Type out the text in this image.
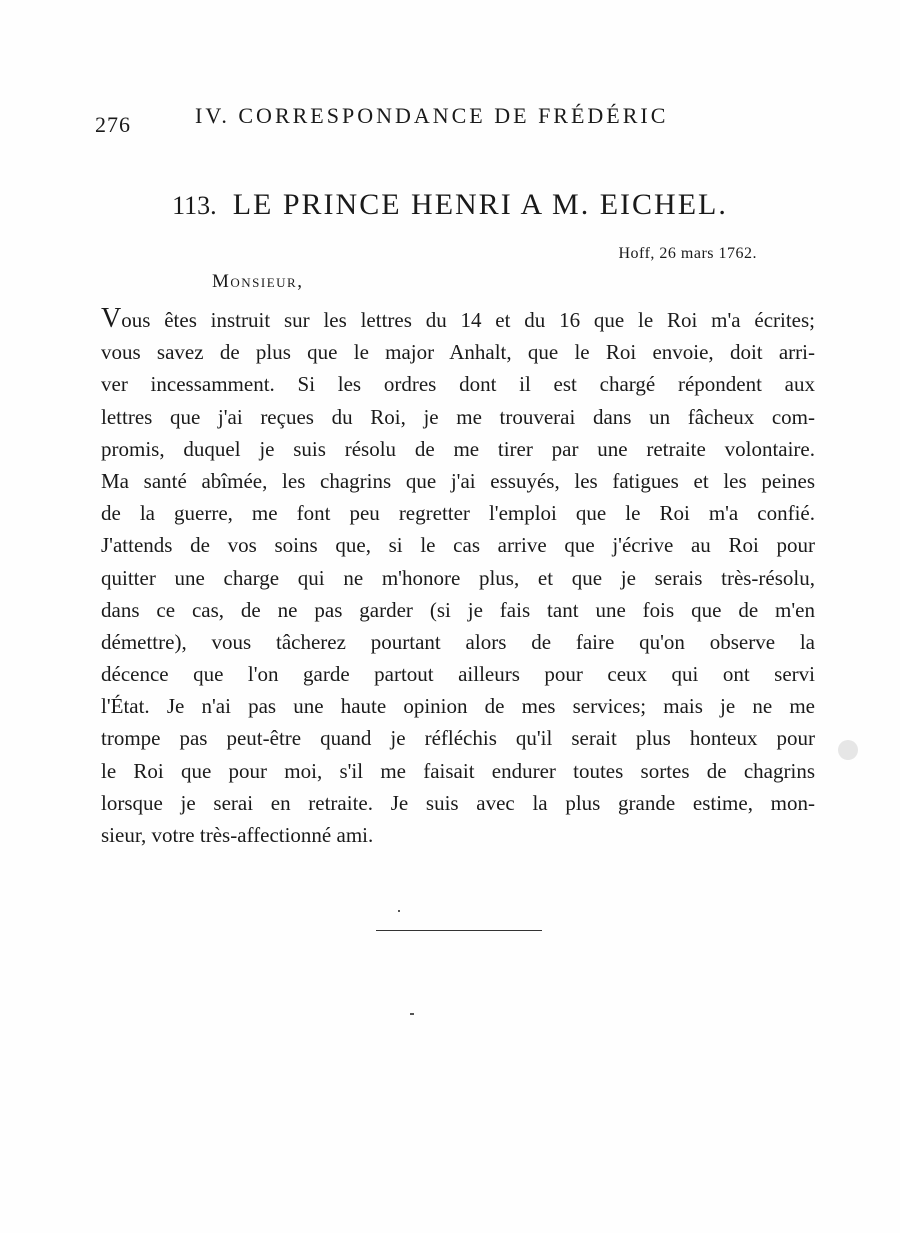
276	IV. CORRESPONDANCE DE FRÉDÉRIC
113. LE PRINCE HENRI A M. EICHEL.
Hoff, 26 mars 1762.
Monsieur,
Vous êtes instruit sur les lettres du 14 et du 16 que le Roi m'a écrites;
vous savez de plus que le major Anhalt, que le Roi envoie, doit arri-
ver incessamment. Si les ordres dont il est chargé répondent aux
lettres que j'ai reçues du Roi, je me trouverai dans un fâcheux com-
promis, duquel je suis résolu de me tirer par une retraite volontaire.
Ma santé abîmée, les chagrins que j'ai essuyés, les fatigues et les peines
de la guerre, me font peu regretter l'emploi que le Roi m'a confié.
J'attends de vos soins que, si le cas arrive que j'écrive au Roi pour
quitter une charge qui ne m'honore plus, et que je serais très-résolu,
dans ce cas, de ne pas garder (si je fais tant une fois que de m'en
démettre), vous tâcherez pourtant alors de faire qu'on observe la
décence que l'on garde partout ailleurs pour ceux qui ont servi
l'État. Je n'ai pas une haute opinion de mes services; mais je ne me
trompe pas peut-être quand je réfléchis qu'il serait plus honteux pour
le Roi que pour moi, s'il me faisait endurer toutes sortes de chagrins
lorsque je serai en retraite. Je suis avec la plus grande estime, mon-
sieur, votre très-affectionné ami.
